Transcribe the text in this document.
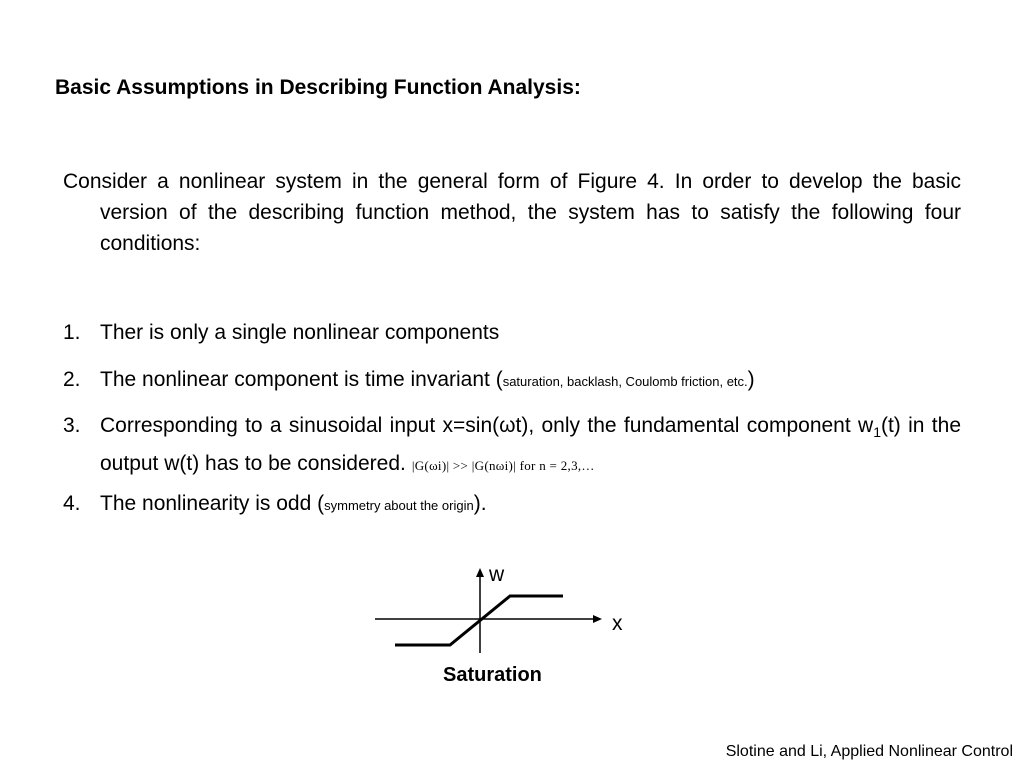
Basic Assumptions in Describing Function Analysis:

Consider a nonlinear system in the general form of Figure 4. In order to develop the basic version of the describing function method, the system has to satisfy the following four conditions:

1. Ther is only a single nonlinear components
2. The nonlinear component is time invariant (saturation, backlash, Coulomb friction, etc.)
3. Corresponding to a sinusoidal input x=sin(ωt), only the fundamental component $w_1(t)$ in the output w(t) has to be considered. |G(ωi)| >> |G(nωi)| for n = 2,3,…
4. The nonlinearity is odd (symmetry about the origin).
w
x
Saturation
Slotine and Li, Applied Nonlinear Control
